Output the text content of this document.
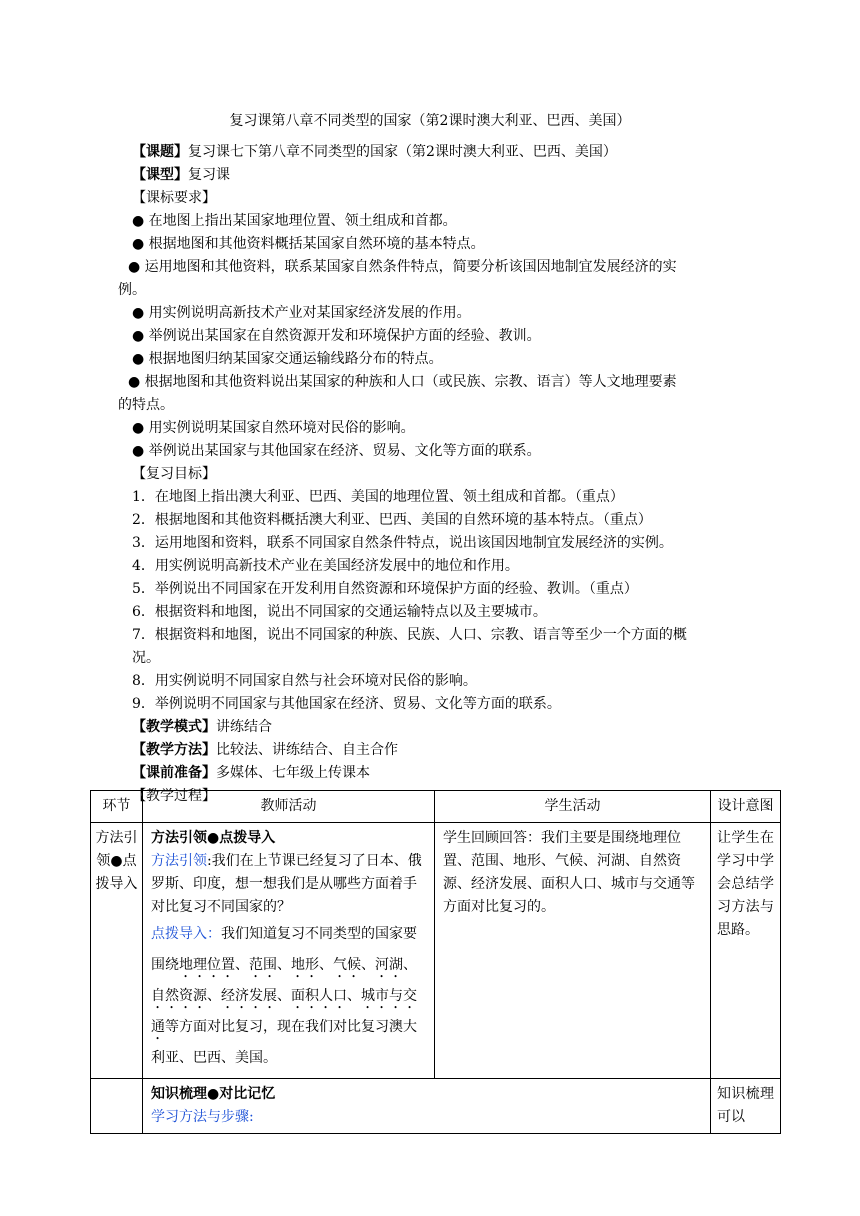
复习课第八章不同类型的国家（第2课时澳大利亚、巴西、美国）
【课题】复习课七下第八章不同类型的国家（第2课时澳大利亚、巴西、美国）
【课型】复习课
【课标要求】
● 在地图上指出某国家地理位置、领土组成和首都。
● 根据地图和其他资料概括某国家自然环境的基本特点。
● 运用地图和其他资料，联系某国家自然条件特点，简要分析该国因地制宜发展经济的实
例。
● 用实例说明高新技术产业对某国家经济发展的作用。
● 举例说出某国家在自然资源开发和环境保护方面的经验、教训。
● 根据地图归纳某国家交通运输线路分布的特点。
● 根据地图和其他资料说出某国家的种族和人口（或民族、宗教、语言）等人文地理要素
的特点。
● 用实例说明某国家自然环境对民俗的影响。
● 举例说出某国家与其他国家在经济、贸易、文化等方面的联系。
【复习目标】
1．在地图上指出澳大利亚、巴西、美国的地理位置、领土组成和首都。（重点）
2．根据地图和其他资料概括澳大利亚、巴西、美国的自然环境的基本特点。（重点）
3．运用地图和资料，联系不同国家自然条件特点，说出该国因地制宜发展经济的实例。
4．用实例说明高新技术产业在美国经济发展中的地位和作用。
5．举例说出不同国家在开发利用自然资源和环境保护方面的经验、教训。（重点）
6．根据资料和地图，说出不同国家的交通运输特点以及主要城市。
7．根据资料和地图，说出不同国家的种族、民族、人口、宗教、语言等至少一个方面的概
况。
8．用实例说明不同国家自然与社会环境对民俗的影响。
9．举例说明不同国家与其他国家在经济、贸易、文化等方面的联系。
【教学模式】讲练结合
【教学方法】比较法、讲练结合、自主合作
【课前准备】多媒体、七年级上传课本
【教学过程】
环节	教师活动	学生活动	设计意图
方法引领●点拨导入	方法引领●点拨导入
方法引领:我们在上节课已经复习了日本、俄罗斯、印度，想一想我们是从哪些方面着手对比复习不同国家的？
点拨导入：我们知道复习不同类型的国家要围绕地理位置、范围、地形、气候、河湖、自然资源、经济发展、面积人口、城市与交通等方面对比复习，现在我们对比复习澳大利亚、巴西、美国。	学生回顾回答：我们主要是围绕地理位置、范围、地形、气候、河湖、自然资源、经济发展、面积人口、城市与交通等方面对比复习的。	让学生在学习中学会总结学习方法与思路。

	知识梳理●对比记忆
学习方法与步骤:		知识梳理可以
